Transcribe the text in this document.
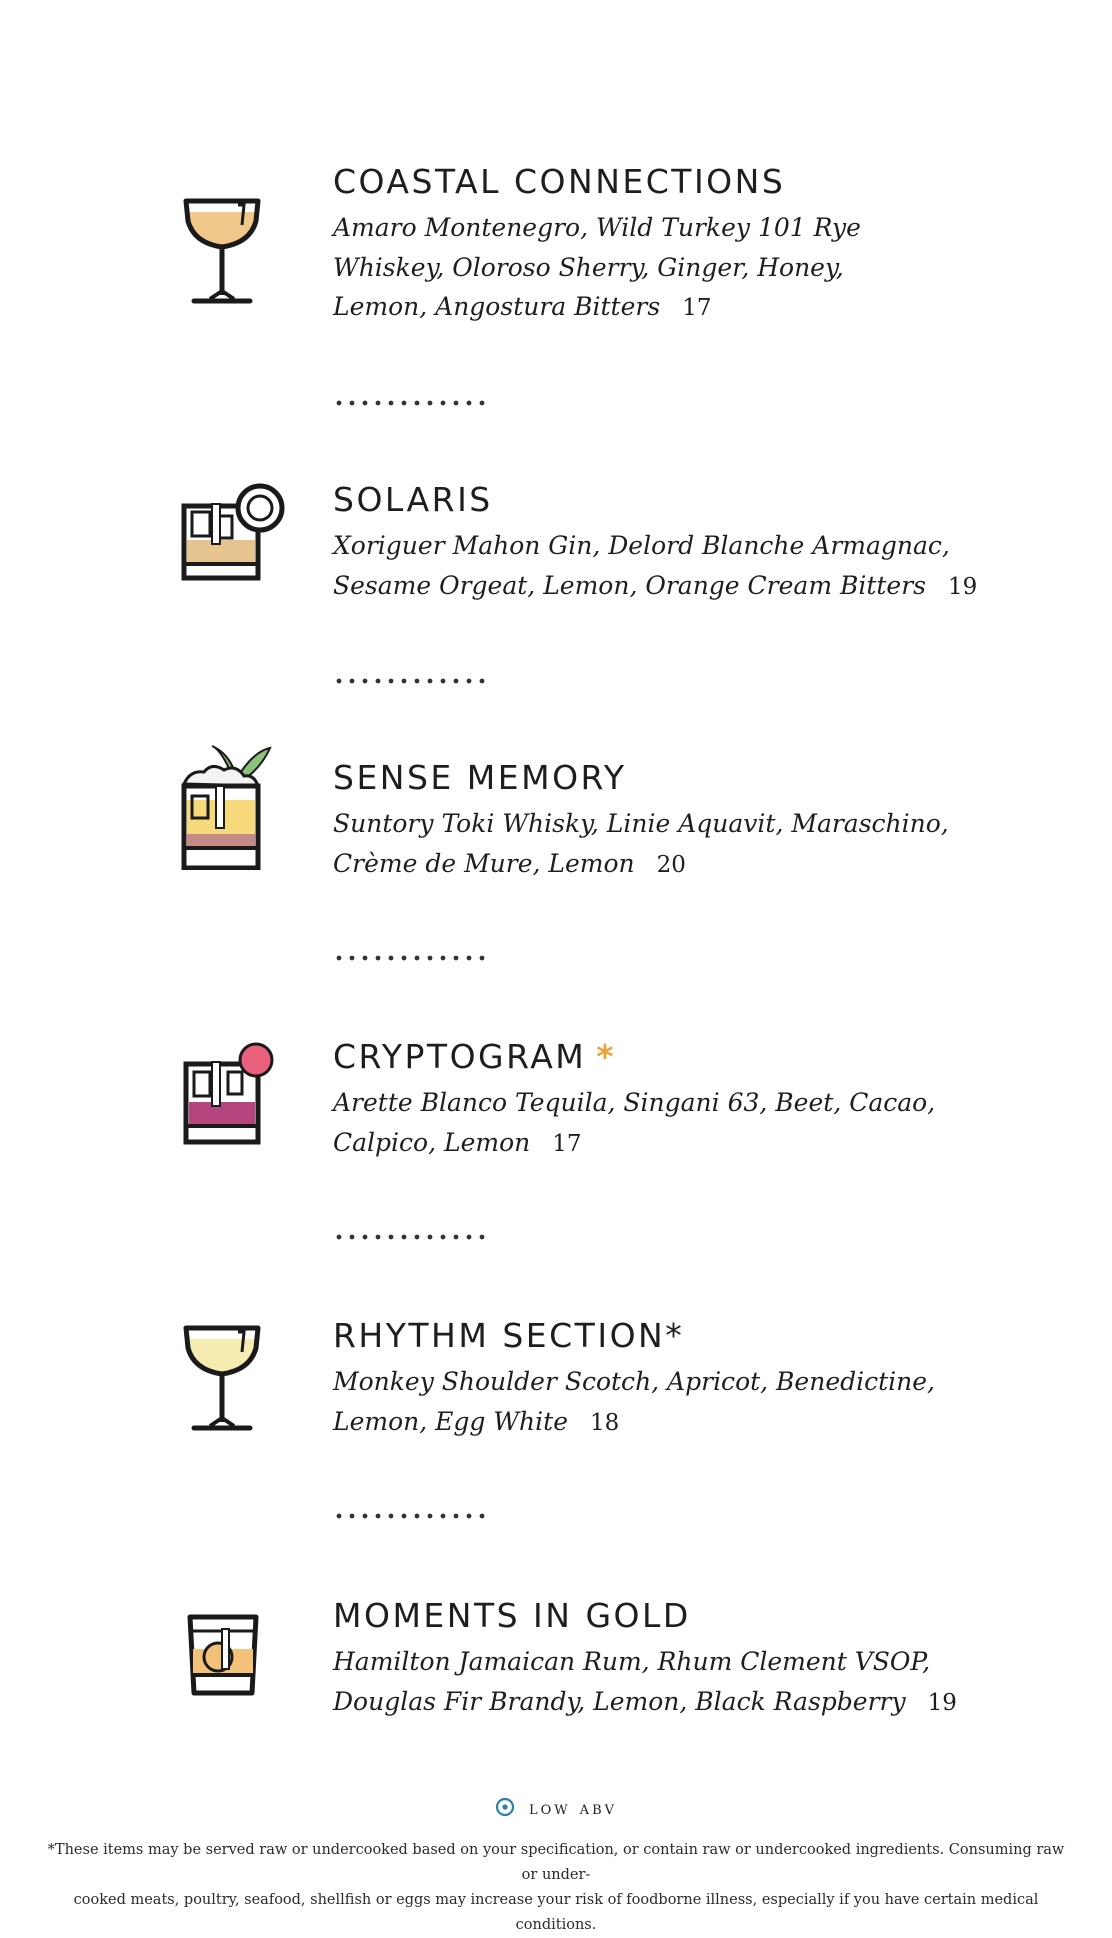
COASTAL CONNECTIONS
Amaro Montenegro, Wild Turkey 101 Rye Whiskey, Oloroso Sherry, Ginger, Honey, Lemon, Angostura Bitters 17
SOLARIS
Xoriguer Mahon Gin, Delord Blanche Armagnac, Sesame Orgeat, Lemon, Orange Cream Bitters 19
SENSE MEMORY
Suntory Toki Whisky, Linie Aquavit, Maraschino, Crème de Mure, Lemon 20
CRYPTOGRAM *
Arette Blanco Tequila, Singani 63, Beet, Cacao, Calpico, Lemon 17
RHYTHM SECTION*
Monkey Shoulder Scotch, Apricot, Benedictine, Lemon, Egg White 18
MOMENTS IN GOLD
Hamilton Jamaican Rum, Rhum Clement VSOP, Douglas Fir Brandy, Lemon, Black Raspberry 19
low abv
*These items may be served raw or undercooked based on your specification, or contain raw or undercooked ingredients. Consuming raw or under-
cooked meats, poultry, seafood, shellfish or eggs may increase your risk of foodborne illness, especially if you have certain medical conditions.
